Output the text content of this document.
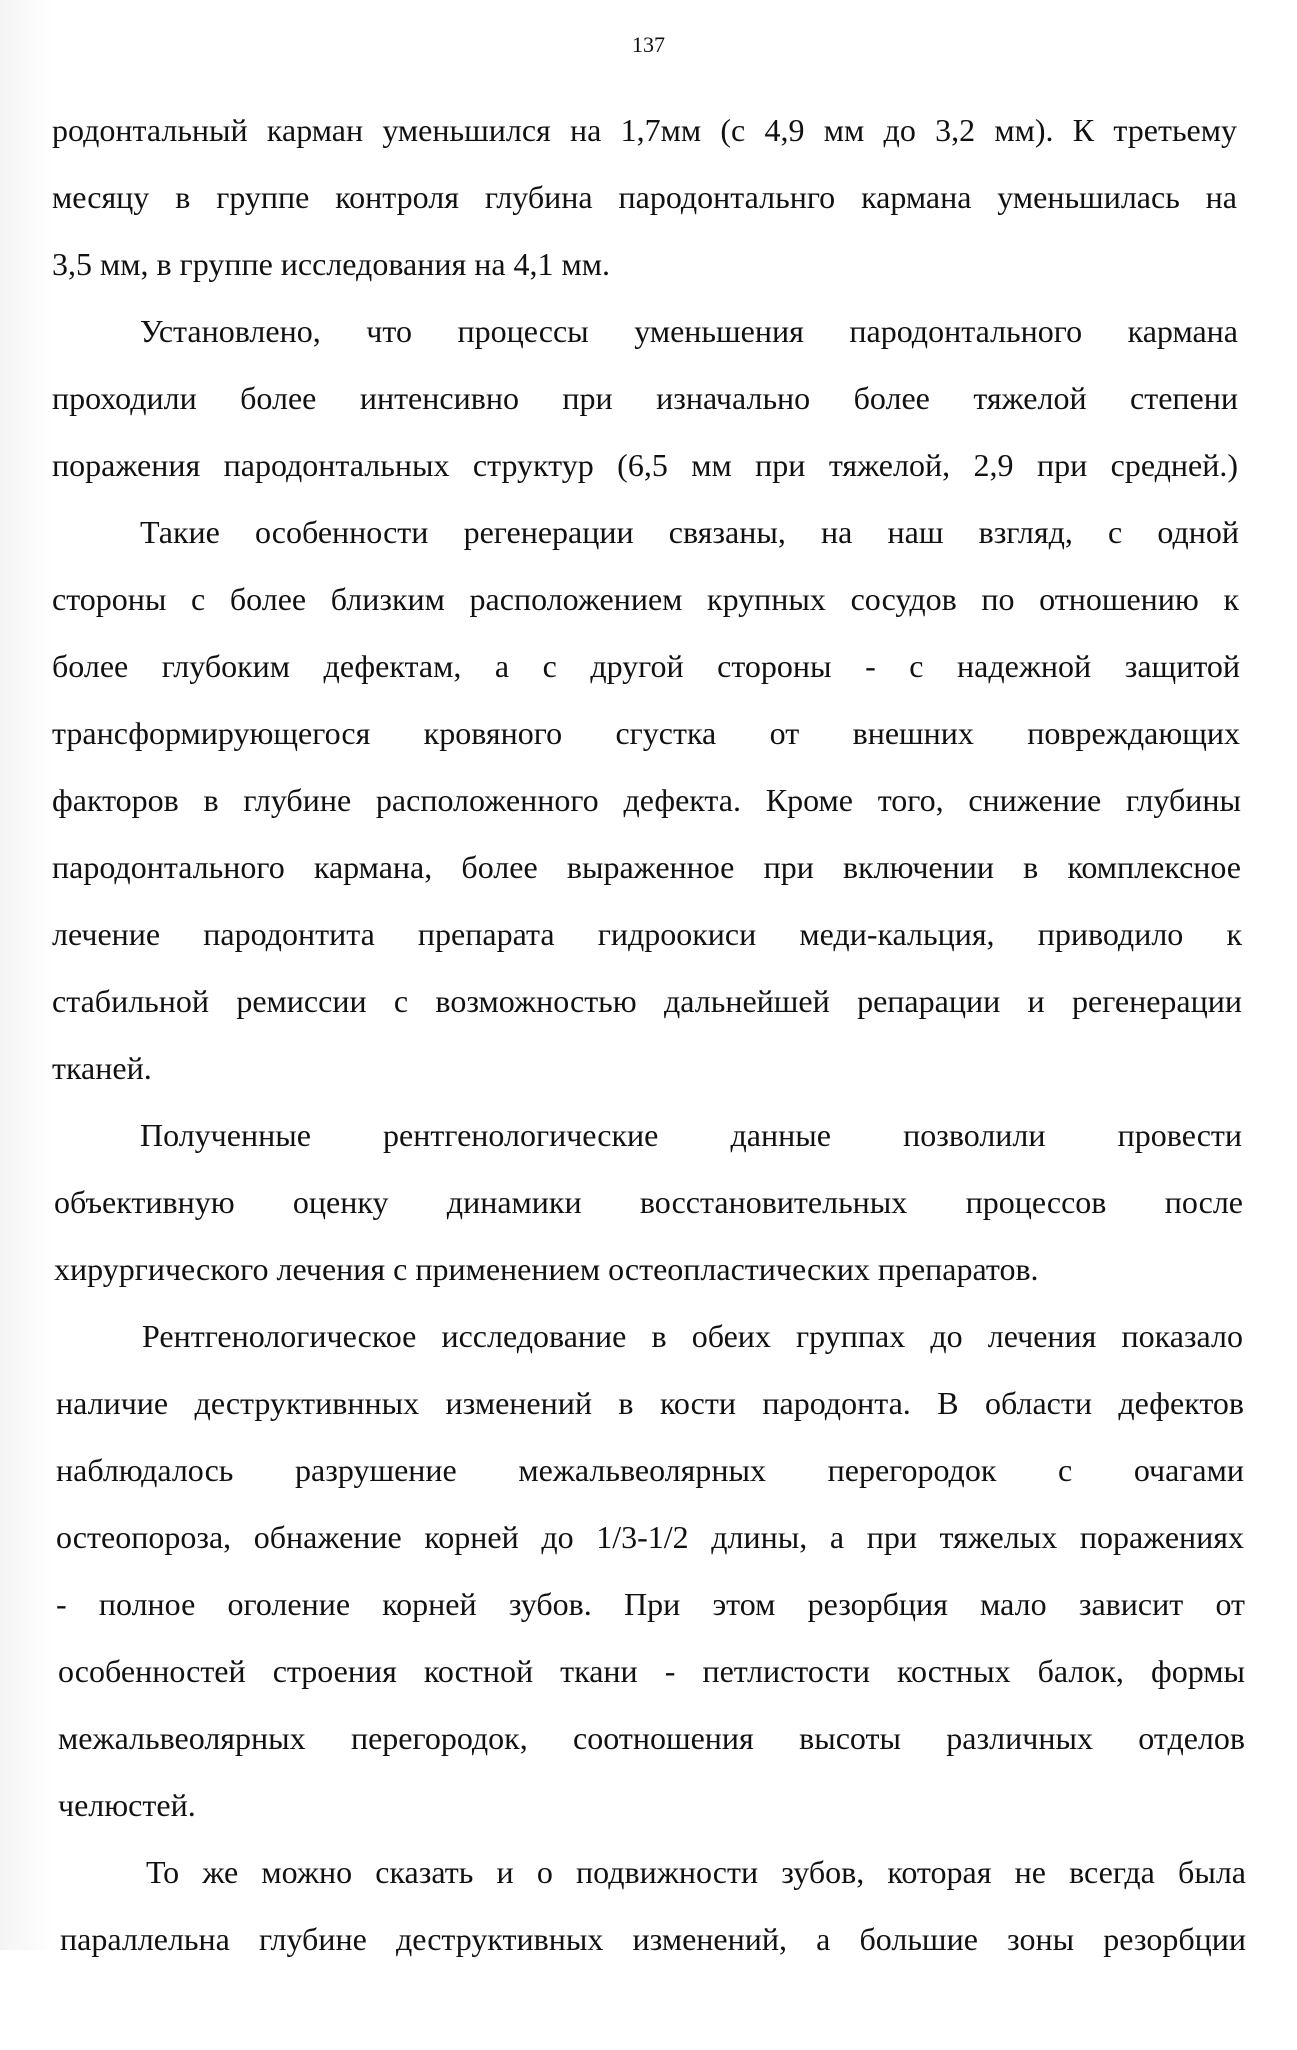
137
родонтальный карман уменьшился на 1,7мм (с 4,9 мм до 3,2 мм). К третьему
месяцу в группе контроля глубина пародонтальнго кармана уменьшилась на
3,5 мм, в группе исследования на 4,1 мм.
Установлено, что процессы уменьшения пародонтального кармана
проходили более интенсивно при изначально более тяжелой степени
поражения пародонтальных структур (6,5 мм при тяжелой, 2,9 при средней.)
Такие особенности регенерации связаны, на наш взгляд, с одной
стороны с более близким расположением крупных сосудов по отношению к
более глубоким дефектам, а с другой стороны - с надежной защитой
трансформирующегося кровяного сгустка от внешних повреждающих
факторов в глубине расположенного дефекта. Кроме того, снижение глубины
пародонтального кармана, более выраженное при включении в комплексное
лечение пародонтита препарата гидроокиси меди-кальция, приводило к
стабильной ремиссии с возможностью дальнейшей репарации и регенерации
тканей.
Полученные рентгенологические данные позволили провести
объективную оценку динамики восстановительных процессов после
хирургического лечения с применением остеопластических препаратов.
Рентгенологическое исследование в обеих группах до лечения показало
наличие деструктивнных изменений в кости пародонта. В области дефектов
наблюдалось разрушение межальвеолярных перегородок с очагами
остеопороза, обнажение корней до 1/3-1/2 длины, а при тяжелых поражениях
- полное оголение корней зубов. При этом резорбция мало зависит от
особенностей строения костной ткани - петлистости костных балок, формы
межальвеолярных перегородок, соотношения высоты различных отделов
челюстей.
То же можно сказать и о подвижности зубов, которая не всегда была
параллельна глубине деструктивных изменений, а большие зоны резорбции
